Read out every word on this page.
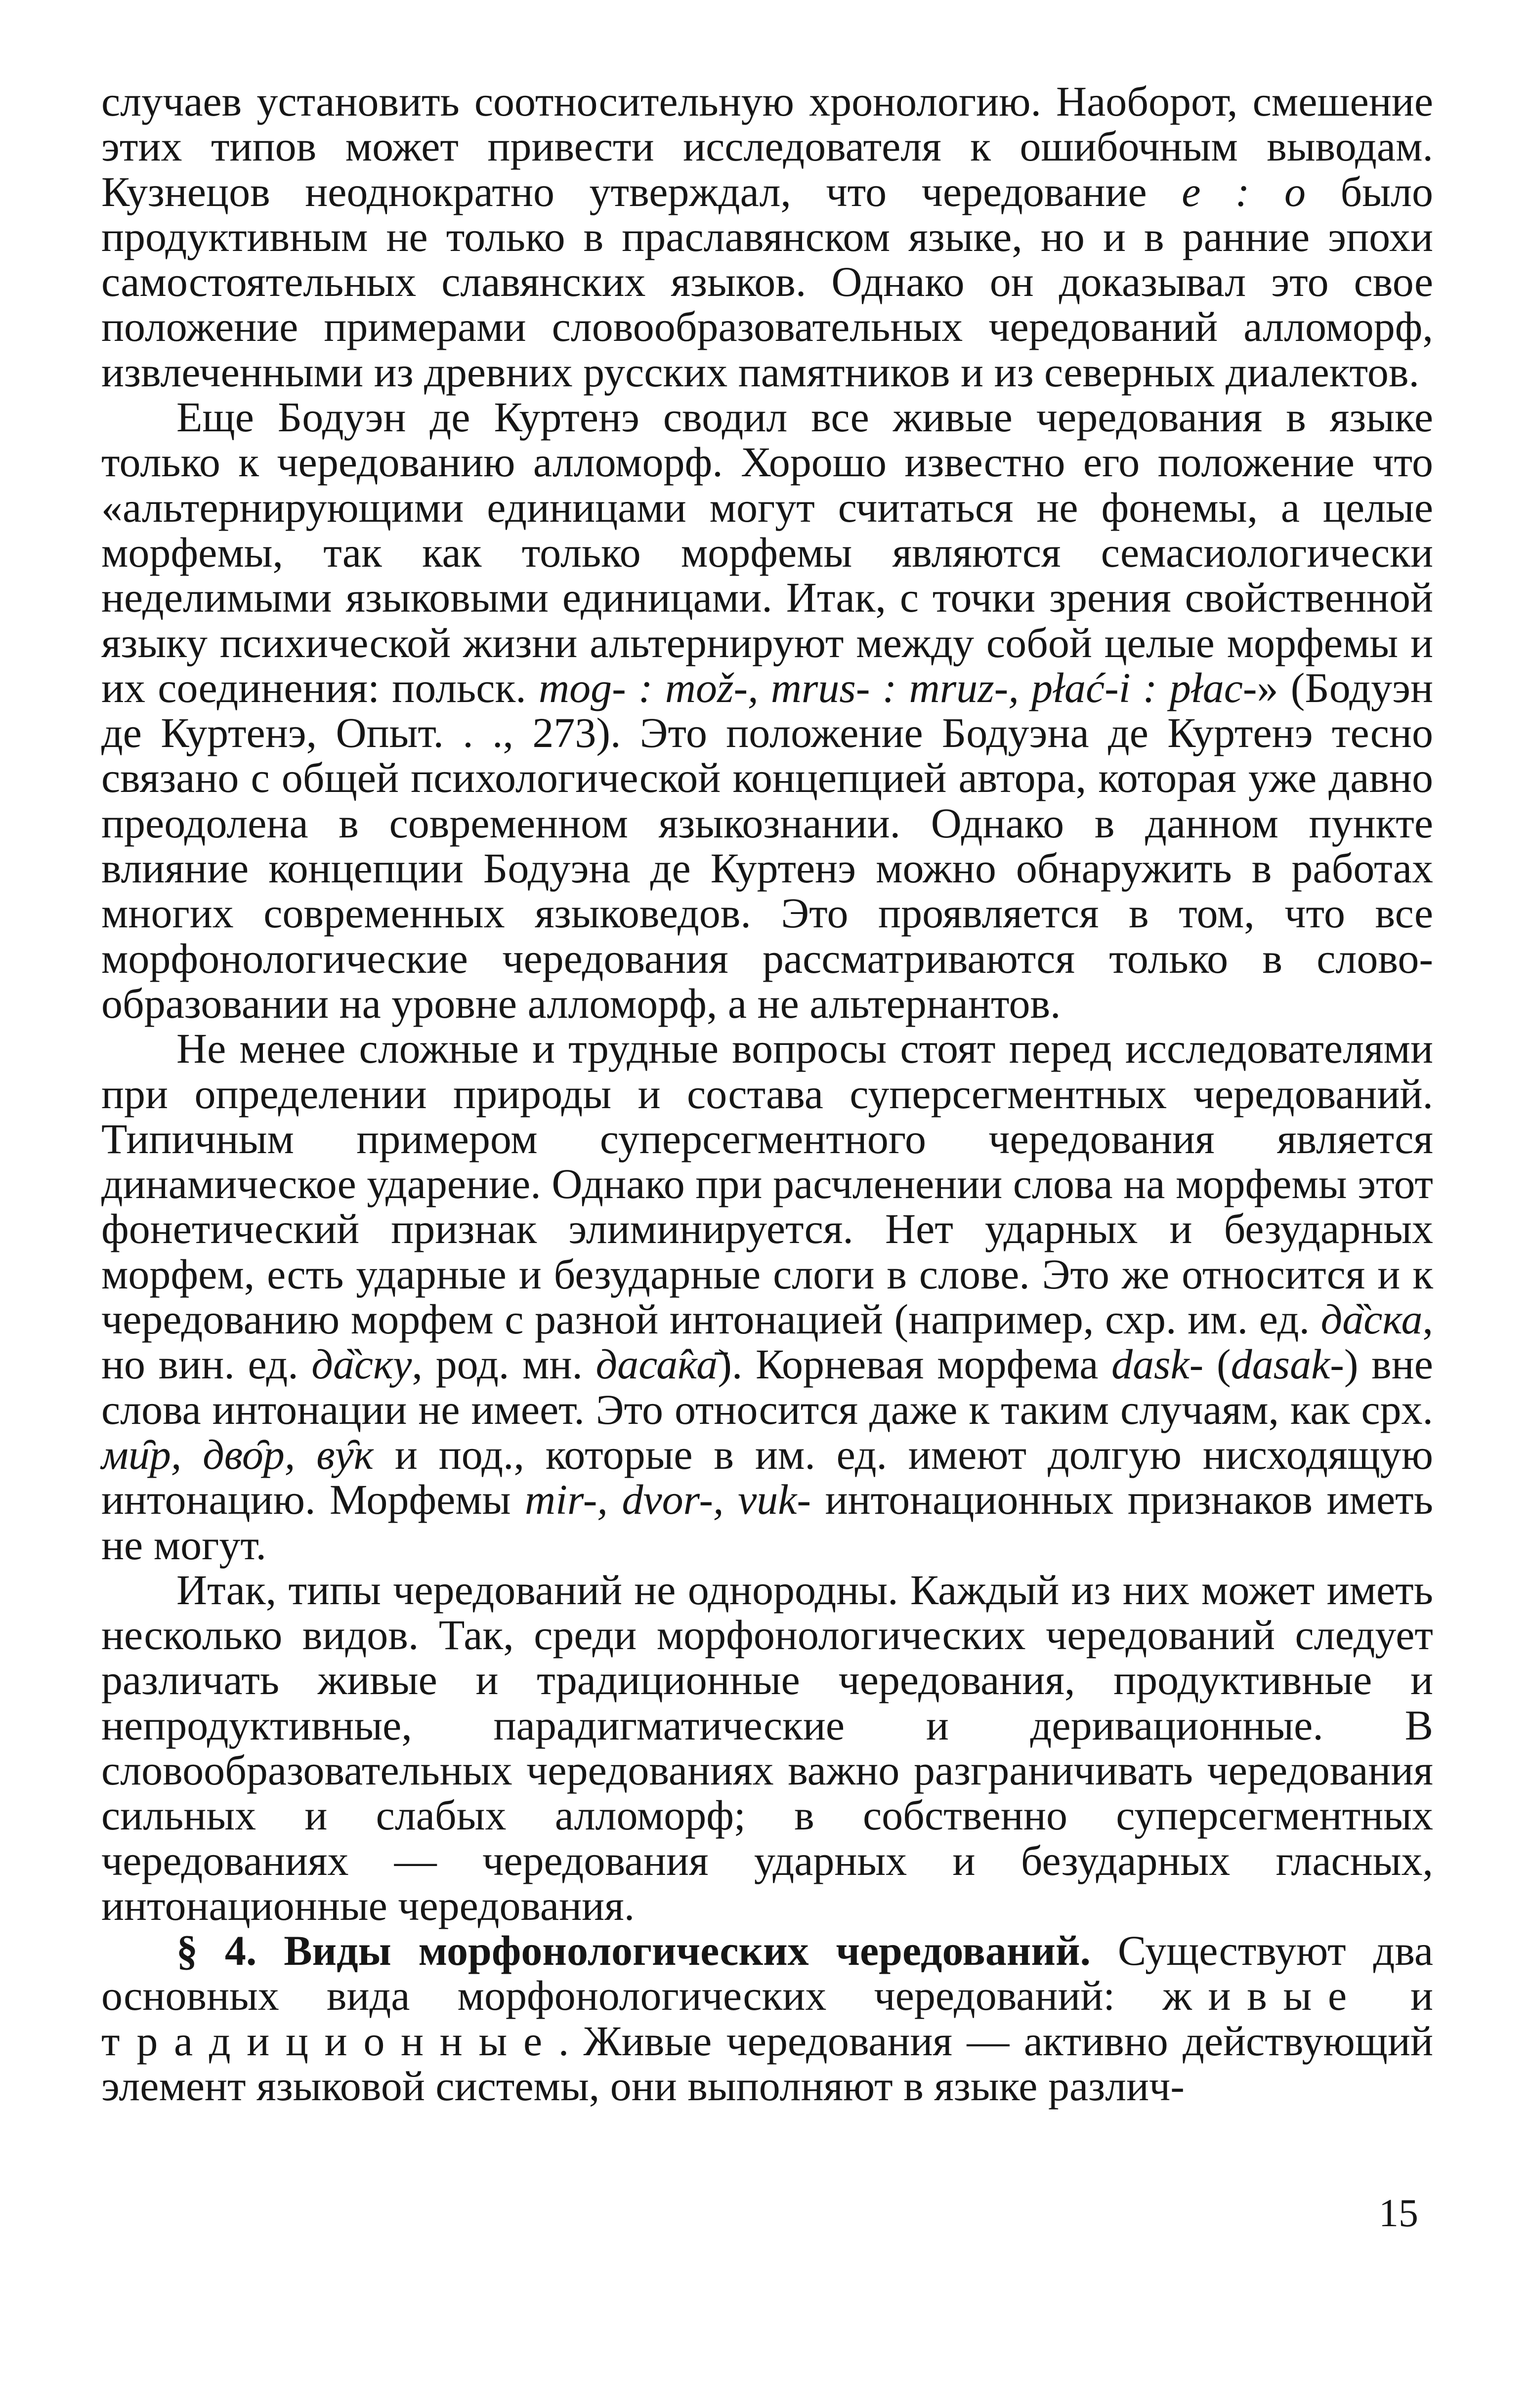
случаев установить соотносительную хронологию. Наоборот, смешение этих типов может привести исследователя к ошибочным выводам. Кузнецов неоднократно утверждал, что чередование е : о было продуктивным не только в праславянском языке, но и в ранние эпохи самостоятельных славянских языков. Однако он доказывал это свое положение примерами словообразовательных чередований алломорф, извлеченными из древних русских памятников и из северных диалектов.

Еще Бодуэн де Куртенэ сводил все живые чередования в языке только к чередованию алломорф. Хорошо известно его положение что «альтернирующими единицами могут считаться не фонемы, а целые морфемы, так как только морфемы являются семасиологически неделимыми языковыми единицами. Итак, с точки зрения свойственной языку психической жизни альтернируют между собой целые морфемы и их соединения: польск. mog- : mož-, mrus- : mruz-, płać-i : płac-» (Бодуэн де Куртенэ, Опыт. . ., 273). Это положение Бодуэна де Куртенэ тесно связано с общей психологической концепцией автора, которая уже давно преодолена в современном языкознании. Однако в данном пункте влияние концепции Бодуэна де Куртенэ можно обнаружить в работах многих современных языковедов. Это проявляется в том, что все морфонологические чередования рассматриваются только в словообразовании на уровне алломорф, а не альтернантов.

Не менее сложные и трудные вопросы стоят перед исследователями при определении природы и состава суперсегментных чередований. Типичным примером суперсегментного чередования является динамическое ударение. Однако при расчленении слова на морфемы этот фонетический признак элиминируется. Нет ударных и безударных морфем, есть ударные и безударные слоги в слове. Это же относится и к чередованию морфем с разной интонацией (например, схр. им. ед. да̏ска, но вин. ед. да̏ску, род. мн. даса̂ка̄). Корневая морфема dask- (dasak-) вне слова интонации не имеет. Это относится даже к таким случаям, как срх. ми̑р, дво̑р, ву̑к и под., которые в им. ед. имеют долгую нисходящую интонацию. Морфемы mir-, dvor-, vuk- интонационных признаков иметь не могут.

Итак, типы чередований не однородны. Каждый из них может иметь несколько видов. Так, среди морфонологических чередований следует различать живые и традиционные чередования, продуктивные и непродуктивные, парадигматические и деривационные. В словообразовательных чередованиях важно разграничивать чередования сильных и слабых алломорф; в собственно суперсегментных чередованиях — чередования ударных и безударных гласных, интонационные чередования.

§ 4. Виды морфонологических чередований. Существуют два основных вида морфонологических чередований: живые и традиционные. Живые чередования — активно действующий элемент языковой системы, они выполняют в языке различ-

15
